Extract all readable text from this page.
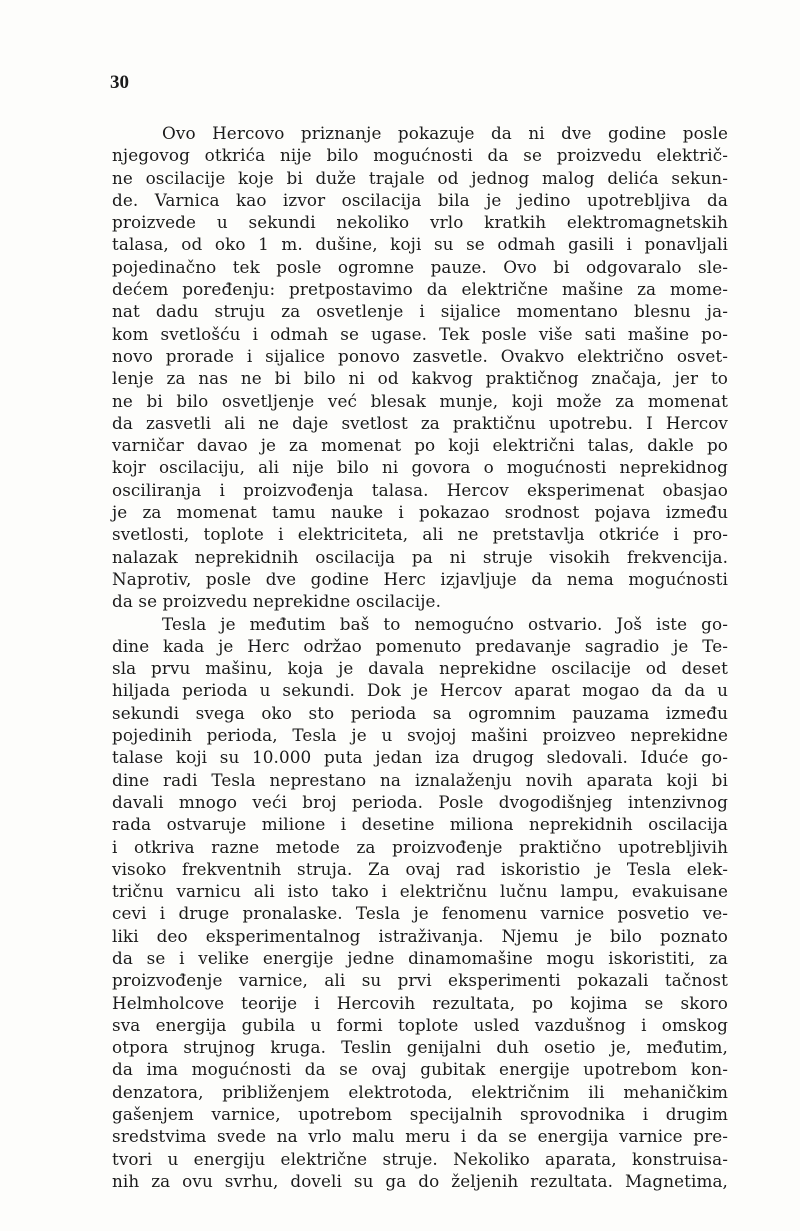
30
Ovo Hercovo priznanje pokazuje da ni dve godine posle
njegovog otkrića nije bilo mogućnosti da se proizvedu električ-
ne oscilacije koje bi duže trajale od jednog malog delića sekun-
de. Varnica kao izvor oscilacija bila je jedino upotrebljiva da
proizvede u sekundi nekoliko vrlo kratkih elektromagnetskih
talasa, od oko 1 m. dušine, koji su se odmah gasili i ponavljali
pojedinačno tek posle ogromne pauze. Ovo bi odgovaralo sle-
dećem poređenju: pretpostavimo da električne mašine za mome-
nat dadu struju za osvetlenje i sijalice momentano blesnu ja-
kom svetlošću i odmah se ugase. Tek posle više sati mašine po-
novo prorade i sijalice ponovo zasvetle. Ovakvo električno osvet-
lenje za nas ne bi bilo ni od kakvog praktičnog značaja, jer to
ne bi bilo osvetljenje već blesak munje, koji može za momenat
da zasvetli ali ne daje svetlost za praktičnu upotrebu. I Hercov
varničar davao je za momenat po koji električni talas, dakle po
kojr oscilaciju, ali nije bilo ni govora o mogućnosti neprekidnog
osciliranja i proizvođenja talasa. Hercov eksperimenat obasjao
je za momenat tamu nauke i pokazao srodnost pojava između
svetlosti, toplote i elektriciteta, ali ne pretstavlja otkriće i pro-
nalazak neprekidnih oscilacija pa ni struje visokih frekvencija.
Naprotiv, posle dve godine Herc izjavljuje da nema mogućnosti
da se proizvedu neprekidne oscilacije.
Tesla je međutim baš to nemogućno ostvario. Još iste go-
dine kada je Herc održao pomenuto predavanje sagradio je Te-
sla prvu mašinu, koja je davala neprekidne oscilacije od deset
hiljada perioda u sekundi. Dok je Hercov aparat mogao da da u
sekundi svega oko sto perioda sa ogromnim pauzama između
pojedinih perioda, Tesla je u svojoj mašini proizveo neprekidne
talase koji su 10.000 puta jedan iza drugog sledovali. Iduće go-
dine radi Tesla neprestano na iznalaženju novih aparata koji bi
davali mnogo veći broj perioda. Posle dvogodišnjeg intenzivnog
rada ostvaruje milione i desetine miliona neprekidnih oscilacija
i otkriva razne metode za proizvođenje praktično upotrebljivih
visoko frekventnih struja. Za ovaj rad iskoristio je Tesla elek-
tričnu varnicu ali isto tako i električnu lučnu lampu, evakuisane
cevi i druge pronalaske. Tesla je fenomenu varnice posvetio ve-
liki deo eksperimentalnog istraživanja. Njemu je bilo poznato
da se i velike energije jedne dinamomašine mogu iskoristiti, za
proizvođenje varnice, ali su prvi eksperimenti pokazali tačnost
Helmholcove teorije i Hercovih rezultata, po kojima se skoro
sva energija gubila u formi toplote usled vazdušnog i omskog
otpora strujnog kruga. Teslin genijalni duh osetio je, međutim,
da ima mogućnosti da se ovaj gubitak energije upotrebom kon-
denzatora, približenjem elektrotoda, električnim ili mehaničkim
gašenjem varnice, upotrebom specijalnih sprovodnika i drugim
sredstvima svede na vrlo malu meru i da se energija varnice pre-
tvori u energiju električne struje. Nekoliko aparata, konstruisa-
nih za ovu svrhu, doveli su ga do željenih rezultata. Magnetima,
